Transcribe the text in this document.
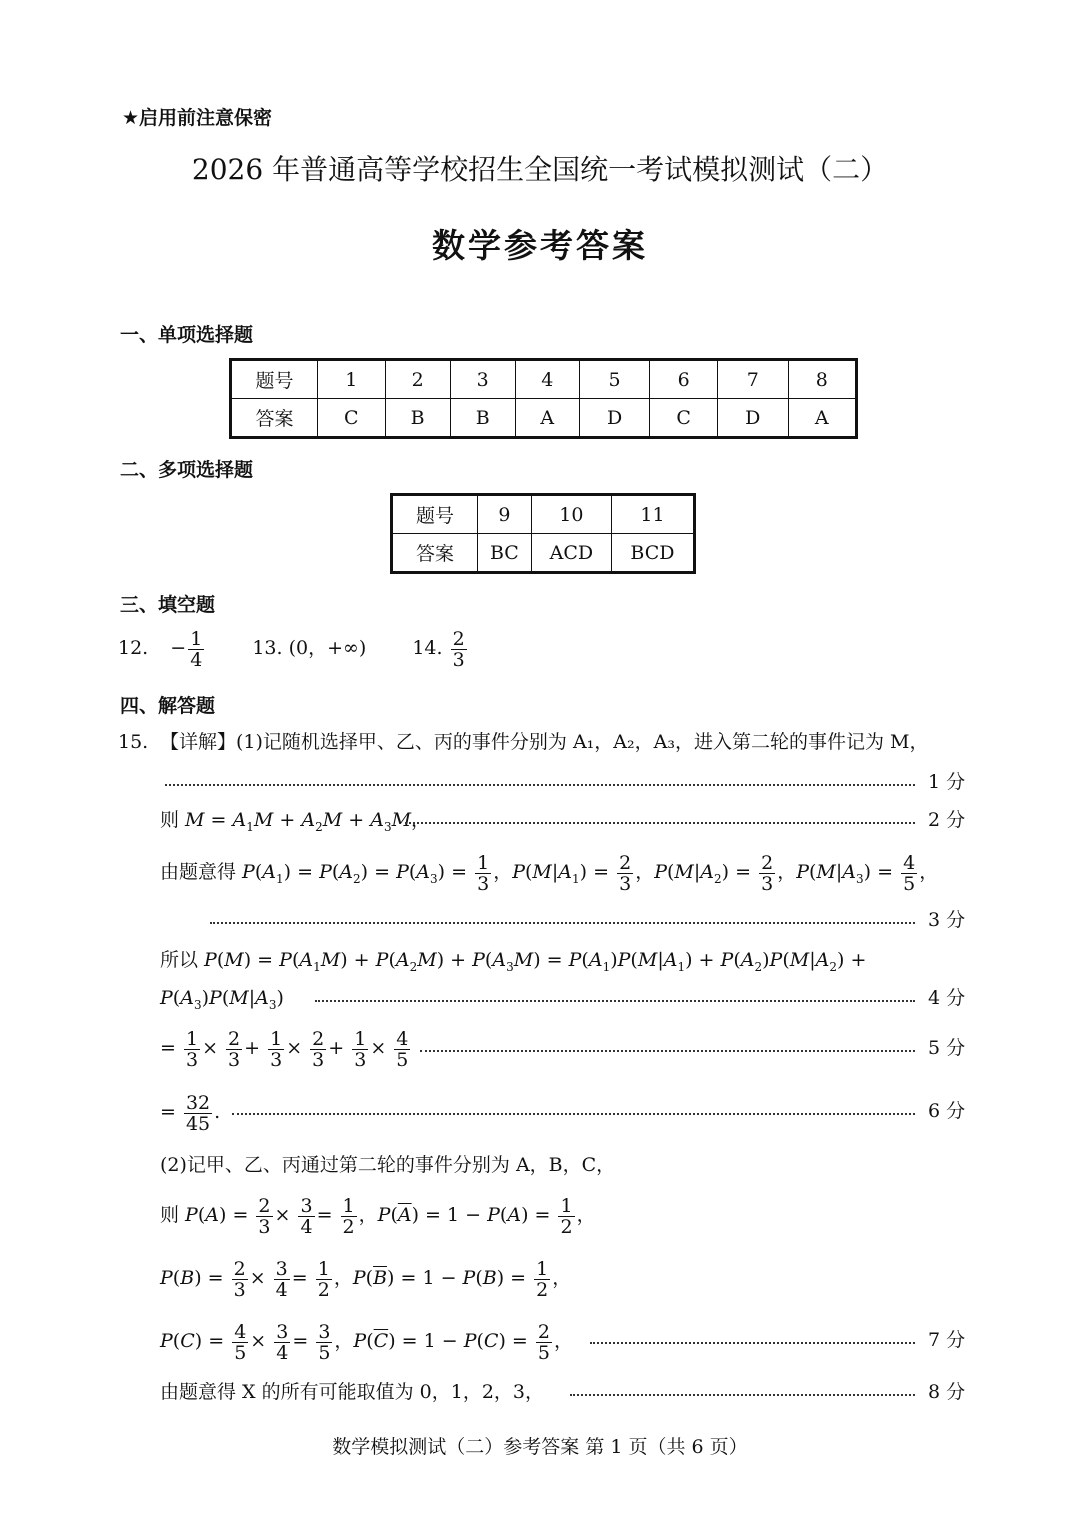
★启用前注意保密
2026 年普通高等学校招生全国统一考试模拟测试（二）
数学参考答案
一、单项选择题
题号	1	2	3	4	5	6	7	8
答案	C	B	B	A	D	C	D	A
二、多项选择题
题号	9	10	11
答案	BC	ACD	BCD
三、填空题
12. − $\frac{1}{4}$	13. (0，+∞) 14. $\frac{2}{3}$
四、解答题
15. 【详解】(1)记随机选择甲、乙、丙的事件分别为 A₁，A₂，A₃，进入第二轮的事件记为 M，
1 分
则 $M = A_1M + A_2M + A_3M$，	2 分
由题意得 $P(A_1) = P(A_2) = P(A_3) = \frac{1}{3}$ ，$P(M|A_1) = \frac{2}{3}$ ，$P(M|A_2) = \frac{2}{3}$ ，$P(M|A_3) = \frac{4}{5}$ ，
3 分
所以 $P(M) = P(A_1M) + P(A_2M) + P(A_3M) = P(A_1)P(M|A_1) + P(A_2)P(M|A_2)$ +
$P(A_3)P(M|A_3)$	4 分
= $\frac{1}{3} \times \frac{2}{3} + \frac{1}{3} \times \frac{2}{3} + \frac{1}{3} \times \frac{4}{5}$	5 分
= $\frac{32}{45}$ .	6 分
(2)记甲、乙、丙通过第二轮的事件分别为 A，B，C，
则 $P(A) = \frac{2}{3} \times \frac{3}{4} = \frac{1}{2}$ ，$P(\overline{A}) = 1 - P(A) = \frac{1}{2}$ ，
$P(B) = \frac{2}{3} \times \frac{3}{4} = \frac{1}{2}$ ，$P(\overline{B}) = 1 - P(B) = \frac{1}{2}$ ，
$P(C) = \frac{4}{5} \times \frac{3}{4} = \frac{3}{5}$ ，$P(\overline{C}) = 1 - P(C) = \frac{2}{5}$ ，	7 分
由题意得 X 的所有可能取值为 0，1，2，3，	8 分
数学模拟测试（二）参考答案 第 1 页（共 6 页）
